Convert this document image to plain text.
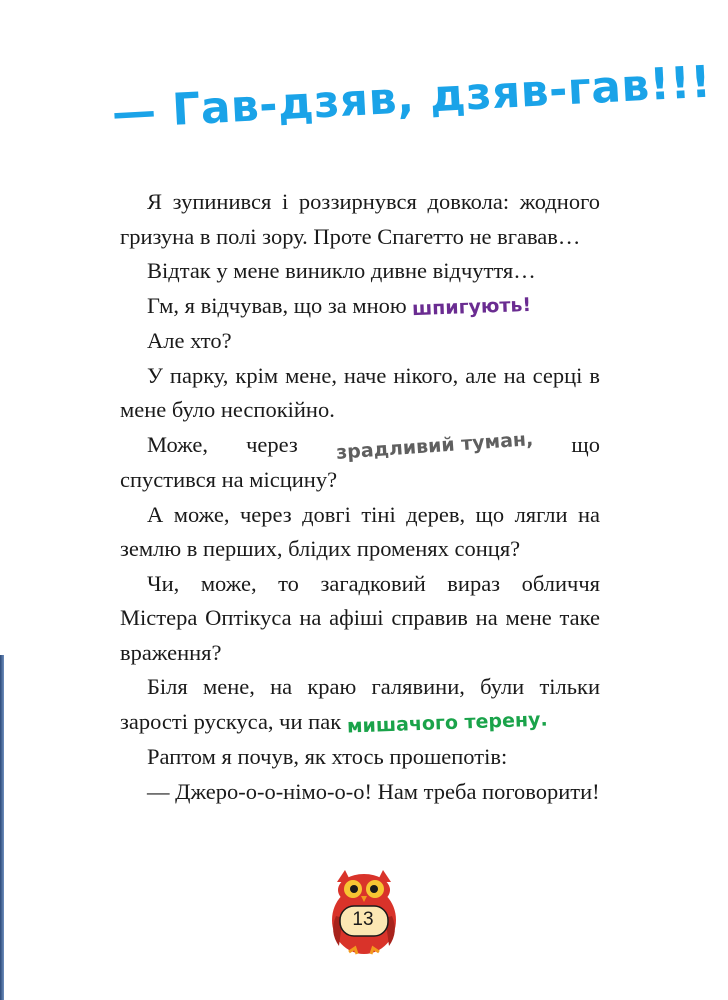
— Гав-дзяв, дзяв-гав!!!

Я зупинився і роззирнувся довкола: жодного гризуна в полі зору. Проте Спагетто не вгавав…

Відтак у мене виникло дивне відчуття…

Гм, я відчував, що за мною шпигують!

Але хто?

У парку, крім мене, наче нікого, але на серці в мене було неспокійно.

Може, через зрадливий туман, що спустився на місцину?

А може, через довгі тіні дерев, що лягли на землю в перших, блідих променях сонця?

Чи, може, то загадковий вираз обличчя Містера Оптікуса на афіші справив на мене таке враження?

Біля мене, на краю галявини, були тільки зарості рускуса, чи пак мишачого терену.

Раптом я почув, як хтось прошепотів:

— Джеро-о-о-німо-о-о! Нам треба поговорити!

13
